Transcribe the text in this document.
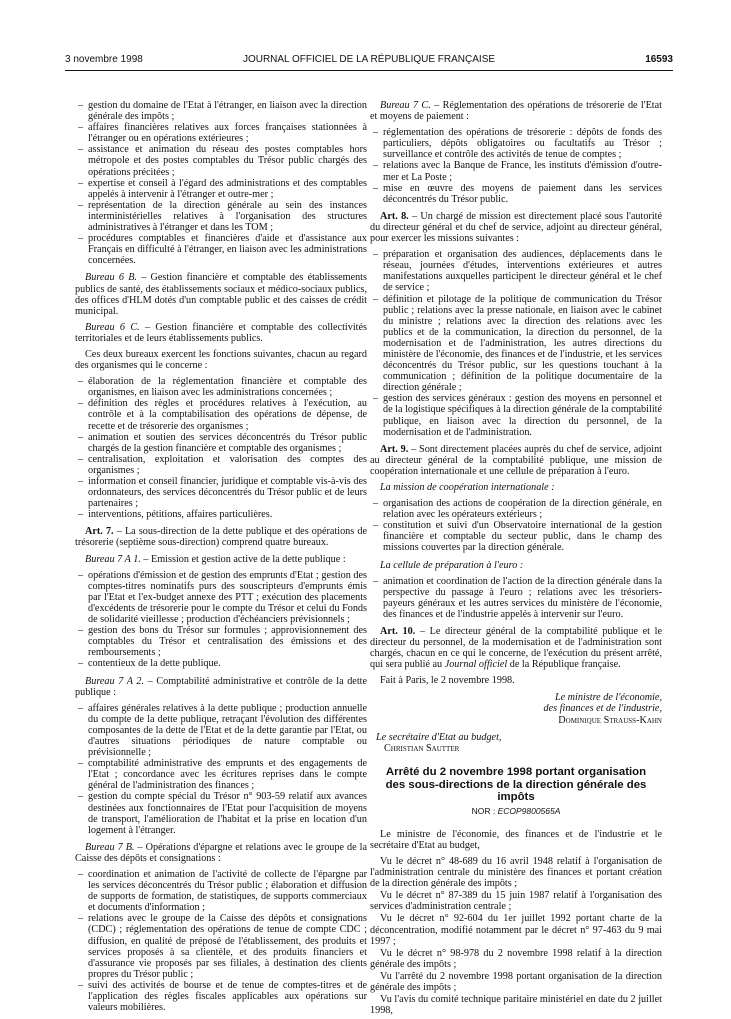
3 novembre 1998	JOURNAL OFFICIEL DE LA RÉPUBLIQUE FRANÇAISE	16593
– gestion du domaine de l'Etat à l'étranger, en liaison avec la direction générale des impôts ;
– affaires financières relatives aux forces françaises stationnées à l'étranger ou en opérations extérieures ;
– assistance et animation du réseau des postes comptables hors métropole et des postes comptables du Trésor public chargés des opérations précitées ;
– expertise et conseil à l'égard des administrations et des comptables appelés à intervenir à l'étranger et outre-mer ;
– représentation de la direction générale au sein des instances interministérielles relatives à l'organisation des structures administratives à l'étranger et dans les TOM ;
– procédures comptables et financières d'aide et d'assistance aux Français en difficulté à l'étranger, en liaison avec les administrations concernées.

Bureau 6 B. – Gestion financière et comptable des établissements publics de santé, des établissements sociaux et médico-sociaux publics, des offices d'HLM dotés d'un comptable public et des caisses de crédit municipal.

Bureau 6 C. – Gestion financière et comptable des collectivités territoriales et de leurs établissements publics.

Ces deux bureaux exercent les fonctions suivantes, chacun au regard des organismes qui le concerne :

– élaboration de la réglementation financière et comptable des organismes, en liaison avec les administrations concernées ;
– définition des règles et procédures relatives à l'exécution, au contrôle et à la comptabilisation des opérations de dépense, de recette et de trésorerie des organismes ;
– animation et soutien des services déconcentrés du Trésor public chargés de la gestion financière et comptable des organismes ;
– centralisation, exploitation et valorisation des comptes des organismes ;
– information et conseil financier, juridique et comptable vis-à-vis des ordonnateurs, des services déconcentrés du Trésor public et de leurs partenaires ;
– interventions, pétitions, affaires particulières.

Art. 7. – La sous-direction de la dette publique et des opérations de trésorerie (septième sous-direction) comprend quatre bureaux.

Bureau 7 A 1. – Emission et gestion active de la dette publique :

– opérations d'émission et de gestion des emprunts d'Etat ; gestion des comptes-titres nominatifs purs des souscripteurs d'emprunts émis par l'Etat et l'ex-budget annexe des PTT ; exécution des placements d'excédents de trésorerie pour le compte du Trésor et celui du Fonds de solidarité vieillesse ; production d'échéanciers prévisionnels ;
– gestion des bons du Trésor sur formules ; approvisionnement des comptables du Trésor et centralisation des émissions et des remboursements ;
– contentieux de la dette publique.

Bureau 7 A 2. – Comptabilité administrative et contrôle de la dette publique :

– affaires générales relatives à la dette publique ; production annuelle du compte de la dette publique, retraçant l'évolution des différentes composantes de la dette de l'Etat et de la dette garantie par l'Etat, ou d'autres situations périodiques de nature comptable ou prévisionnelle ;
– comptabilité administrative des emprunts et des engagements de l'Etat ; concordance avec les écritures reprises dans le compte général de l'administration des finances ;
– gestion du compte spécial du Trésor n° 903-59 relatif aux avances destinées aux fonctionnaires de l'Etat pour l'acquisition de moyens de transport, l'amélioration de l'habitat et la prise en location d'un logement à l'étranger.

Bureau 7 B. – Opérations d'épargne et relations avec le groupe de la Caisse des dépôts et consignations :

– coordination et animation de l'activité de collecte de l'épargne par les services déconcentrés du Trésor public ; élaboration et diffusion de supports de formation, de statistiques, de supports commerciaux et documents d'information ;
– relations avec le groupe de la Caisse des dépôts et consignations (CDC) ; réglementation des opérations de tenue de compte CDC ; diffusion, en qualité de préposé de l'établissement, des produits et services proposés à sa clientèle, et des produits financiers et d'assurance vie proposés par ses filiales, à destination des clients propres du Trésor public ;
– suivi des activités de bourse et de tenue de comptes-titres et de l'application des règles fiscales applicables aux opérations sur valeurs mobilières.

Bureau 7 C. – Réglementation des opérations de trésorerie de l'Etat et moyens de paiement :

– réglementation des opérations de trésorerie : dépôts de fonds des particuliers, dépôts obligatoires ou facultatifs au Trésor ; surveillance et contrôle des activités de tenue de comptes ;
– relations avec la Banque de France, les instituts d'émission d'outre-mer et La Poste ;
– mise en œuvre des moyens de paiement dans les services déconcentrés du Trésor public.

Art. 8. – Un chargé de mission est directement placé sous l'autorité du directeur général et du chef de service, adjoint au directeur général, pour exercer les missions suivantes :

– préparation et organisation des audiences, déplacements dans le réseau, journées d'études, interventions extérieures et autres manifestations auxquelles participent le directeur général et le chef de service ;
– définition et pilotage de la politique de communication du Trésor public ; relations avec la presse nationale, en liaison avec le cabinet du ministre ; relations avec la direction des relations avec les publics et de la communication, la direction du personnel, de la modernisation et de l'administration, les autres directions du ministère de l'économie, des finances et de l'industrie, et les services déconcentrés du Trésor public, sur les questions touchant à la communication ; définition de la politique documentaire de la direction générale ;
– gestion des services généraux : gestion des moyens en personnel et de la logistique spécifiques à la direction générale de la comptabilité publique, en liaison avec la direction du personnel, de la modernisation et de l'administration.

Art. 9. – Sont directement placées auprès du chef de service, adjoint au directeur général de la comptabilité publique, une mission de coopération internationale et une cellule de préparation à l'euro.

La mission de coopération internationale :

– organisation des actions de coopération de la direction générale, en relation avec les opérateurs extérieurs ;
– constitution et suivi d'un Observatoire international de la gestion financière et comptable du secteur public, dans le champ des missions couvertes par la direction générale.

La cellule de préparation à l'euro :

– animation et coordination de l'action de la direction générale dans la perspective du passage à l'euro ; relations avec les trésoriers-payeurs généraux et les autres services du ministère de l'économie, des finances et de l'industrie appelés à intervenir sur l'euro.

Art. 10. – Le directeur général de la comptabilité publique et le directeur du personnel, de la modernisation et de l'administration sont chargés, chacun en ce qui le concerne, de l'exécution du présent arrêté, qui sera publié au Journal officiel de la République française.

Fait à Paris, le 2 novembre 1998.

Le ministre de l'économie,
des finances et de l'industrie,
Dominique Strauss-Kahn
Le secrétaire d'Etat au budget,
Christian Sautter
Arrêté du 2 novembre 1998 portant organisation des sous-directions de la direction générale des impôts
NOR : ECOP9800565A

Le ministre de l'économie, des finances et de l'industrie et le secrétaire d'Etat au budget,

Vu le décret n° 48-689 du 16 avril 1948 relatif à l'organisation de l'administration centrale du ministère des finances et portant création de la direction générale des impôts ;

Vu le décret n° 87-389 du 15 juin 1987 relatif à l'organisation des services d'administration centrale ;

Vu le décret n° 92-604 du 1er juillet 1992 portant charte de la déconcentration, modifié notamment par le décret n° 97-463 du 9 mai 1997 ;

Vu le décret n° 98-978 du 2 novembre 1998 relatif à la direction générale des impôts ;

Vu l'arrêté du 2 novembre 1998 portant organisation de la direction générale des impôts ;

Vu l'avis du comité technique paritaire ministériel en date du 2 juillet 1998,
